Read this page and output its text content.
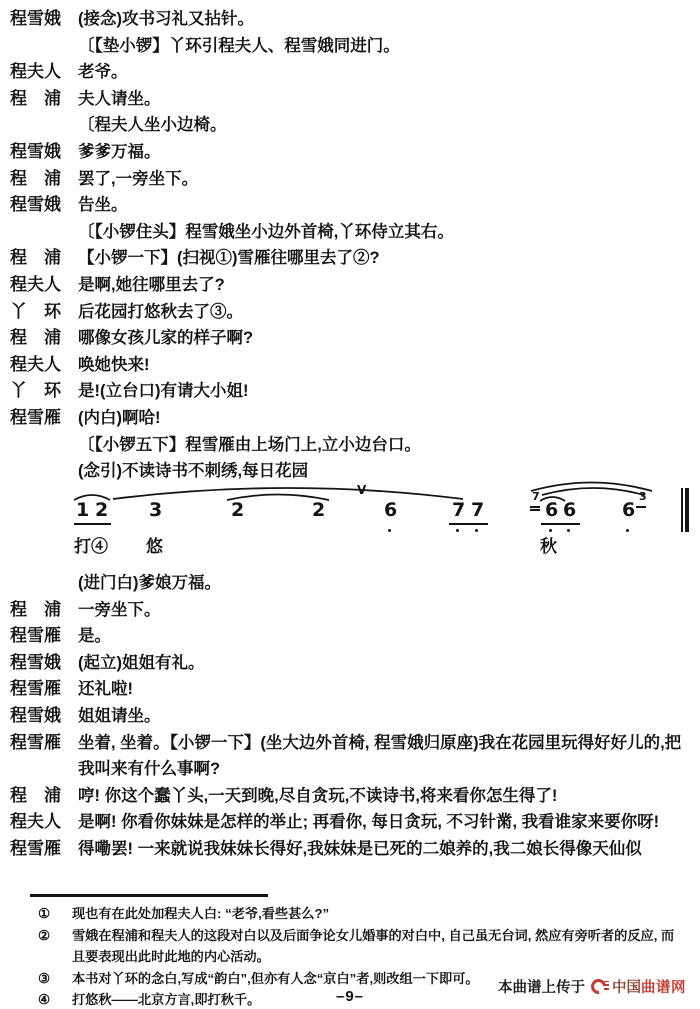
程雪娥	(接念)攻书习礼又拈针。
〔【垫小锣】丫环引程夫人、程雪娥同进门。
程夫人	老爷。
程　浦	夫人请坐。
〔程夫人坐小边椅。
程雪娥	爹爹万福。
程　浦	罢了,一旁坐下。
程雪娥	告坐。
〔【小锣住头】程雪娥坐小边外首椅,丫环侍立其右。
程　浦	【小锣一下】(扫视①)雪雁往哪里去了②?
程夫人	是啊,她往哪里去了?
丫　环	后花园打悠秋去了③。
程　浦	哪像女孩儿家的样子啊?
程夫人	唤她快来!
丫　环	是!(立台口)有请大小姐!
程雪雁	(内白)啊哈!
〔【小锣五下】程雪雁由上场门上,立小边台口。
(念引)不读诗书不刺绣,每日花园
1 2 3	2	2	6	7 7
7
6 6 6
3
V
打④ 悠	秋
(进门白)爹娘万福。
程　浦	一旁坐下。
程雪雁	是。
程雪娥	(起立)姐姐有礼。
程雪雁	还礼啦!
程雪娥	姐姐请坐。
程雪雁	坐着, 坐着。【小锣一下】(坐大边外首椅, 程雪娥归原座)我在花园里玩得好好儿的,把我叫来有什么事啊?
程　浦	哼! 你这个蠢丫头,一天到晚,尽自贪玩,不读诗书,将来看你怎生得了!
程夫人	是啊! 你看你妹妹是怎样的举止; 再看你, 每日贪玩, 不习针黹, 我看谁家来要你呀!
程雪雁	得嘞罢! 一来就说我妹妹长得好,我妹妹是已死的二娘养的,我二娘长得像天仙似
①	现也有在此处加程夫人白: “老爷,看些甚么?”
②	雪娥在程浦和程夫人的这段对白以及后面争论女儿婚事的对白中, 自己虽无台词, 然应有旁听者的反应, 而且要表现出此时此地的内心活动。
③	本书对丫环的念白,写成“韵白”,但亦有人念“京白”者,则改组一下即可。
④	打悠秋——北京方言,即打秋千。	–9–	本曲谱上传于 中国 曲谱网
